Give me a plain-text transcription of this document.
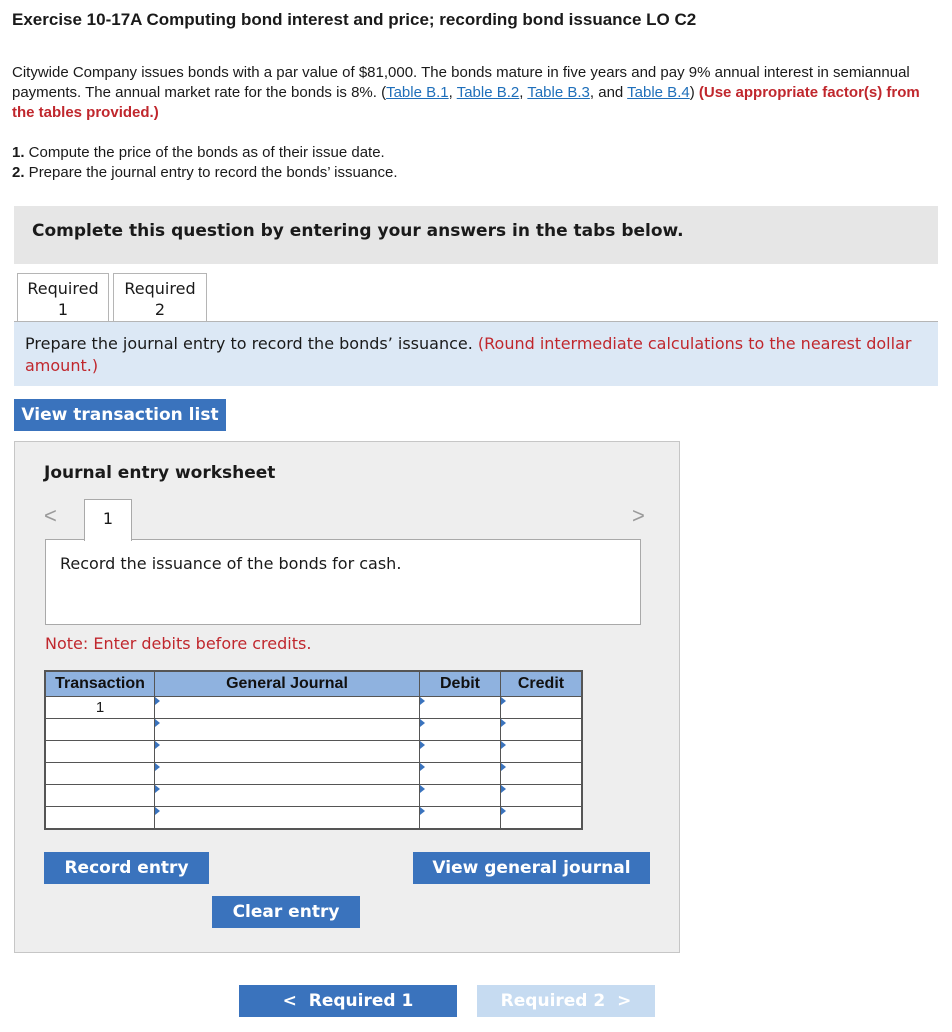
Exercise 10-17A Computing bond interest and price; recording bond issuance LO C2
Citywide Company issues bonds with a par value of $81,000. The bonds mature in five years and pay 9% annual interest in semiannual payments. The annual market rate for the bonds is 8%. (Table B.1, Table B.2, Table B.3, and Table B.4) (Use appropriate factor(s) from the tables provided.)
1. Compute the price of the bonds as of their issue date.
2. Prepare the journal entry to record the bonds’ issuance.
Complete this question by entering your answers in the tabs below.
Required
1
Required
2
Prepare the journal entry to record the bonds’ issuance. (Round intermediate calculations to the nearest dollar amount.)
View transaction list
Journal entry worksheet
<	>
1
Record the issuance of the bonds for cash.
Note: Enter debits before credits.
Transaction	General Journal	Debit	Credit
1	

Record entry	View general journal
Clear entry
< Required 1	Required 2 >
